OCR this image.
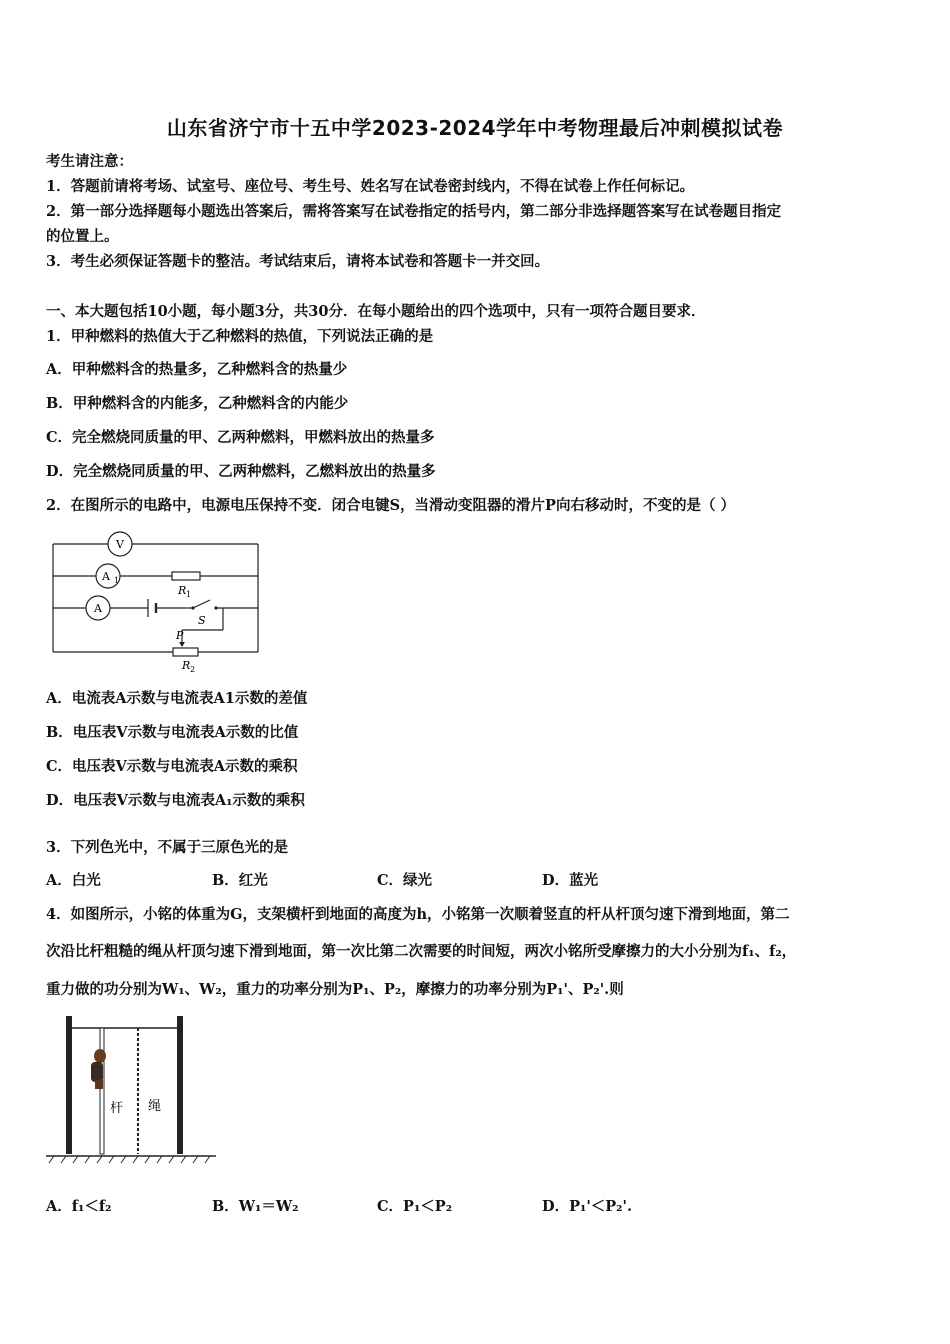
山东省济宁市十五中学2023-2024学年中考物理最后冲刺模拟试卷
考生请注意：
1．答题前请将考场、试室号、座位号、考生号、姓名写在试卷密封线内，不得在试卷上作任何标记。
2．第一部分选择题每小题选出答案后，需将答案写在试卷指定的括号内，第二部分非选择题答案写在试卷题目指定
的位置上。
3．考生必须保证答题卡的整洁。考试结束后，请将本试卷和答题卡一并交回。
一、本大题包括10小题，每小题3分，共30分．在每小题给出的四个选项中，只有一项符合题目要求．
1．甲种燃料的热值大于乙种燃料的热值，下列说法正确的是
A．甲种燃料含的热量多，乙种燃料含的热量少
B．甲种燃料含的内能多，乙种燃料含的内能少
C．完全燃烧同质量的甲、乙两种燃料，甲燃料放出的热量多
D．完全燃烧同质量的甲、乙两种燃料，乙燃料放出的热量多
2．在图所示的电路中，电源电压保持不变．闭合电键S，当滑动变阻器的滑片P向右移动时，不变的是（ ）
V
A 1
R 1
A
S
P
R 2
A．电流表A示数与电流表A1示数的差值
B．电压表V示数与电流表A示数的比值
C．电压表V示数与电流表A示数的乘积
D．电压表V示数与电流表A₁示数的乘积
3．下列色光中，不属于三原色光的是
A．白光	B．红光	C．绿光	D．蓝光
4．如图所示，小铭的体重为G，支架横杆到地面的高度为h，小铭第一次顺着竖直的杆从杆顶匀速下滑到地面，第二
次沿比杆粗糙的绳从杆顶匀速下滑到地面，第一次比第二次需要的时间短，两次小铭所受摩擦力的大小分别为f₁、f₂，
重力做的功分别为W₁、W₂，重力的功率分别为P₁、P₂，摩擦力的功率分别为P₁'、P₂'.则
杆 绳
A．f₁＜f₂	B．W₁＝W₂	C．P₁＜P₂	D．P₁'＜P₂'.
